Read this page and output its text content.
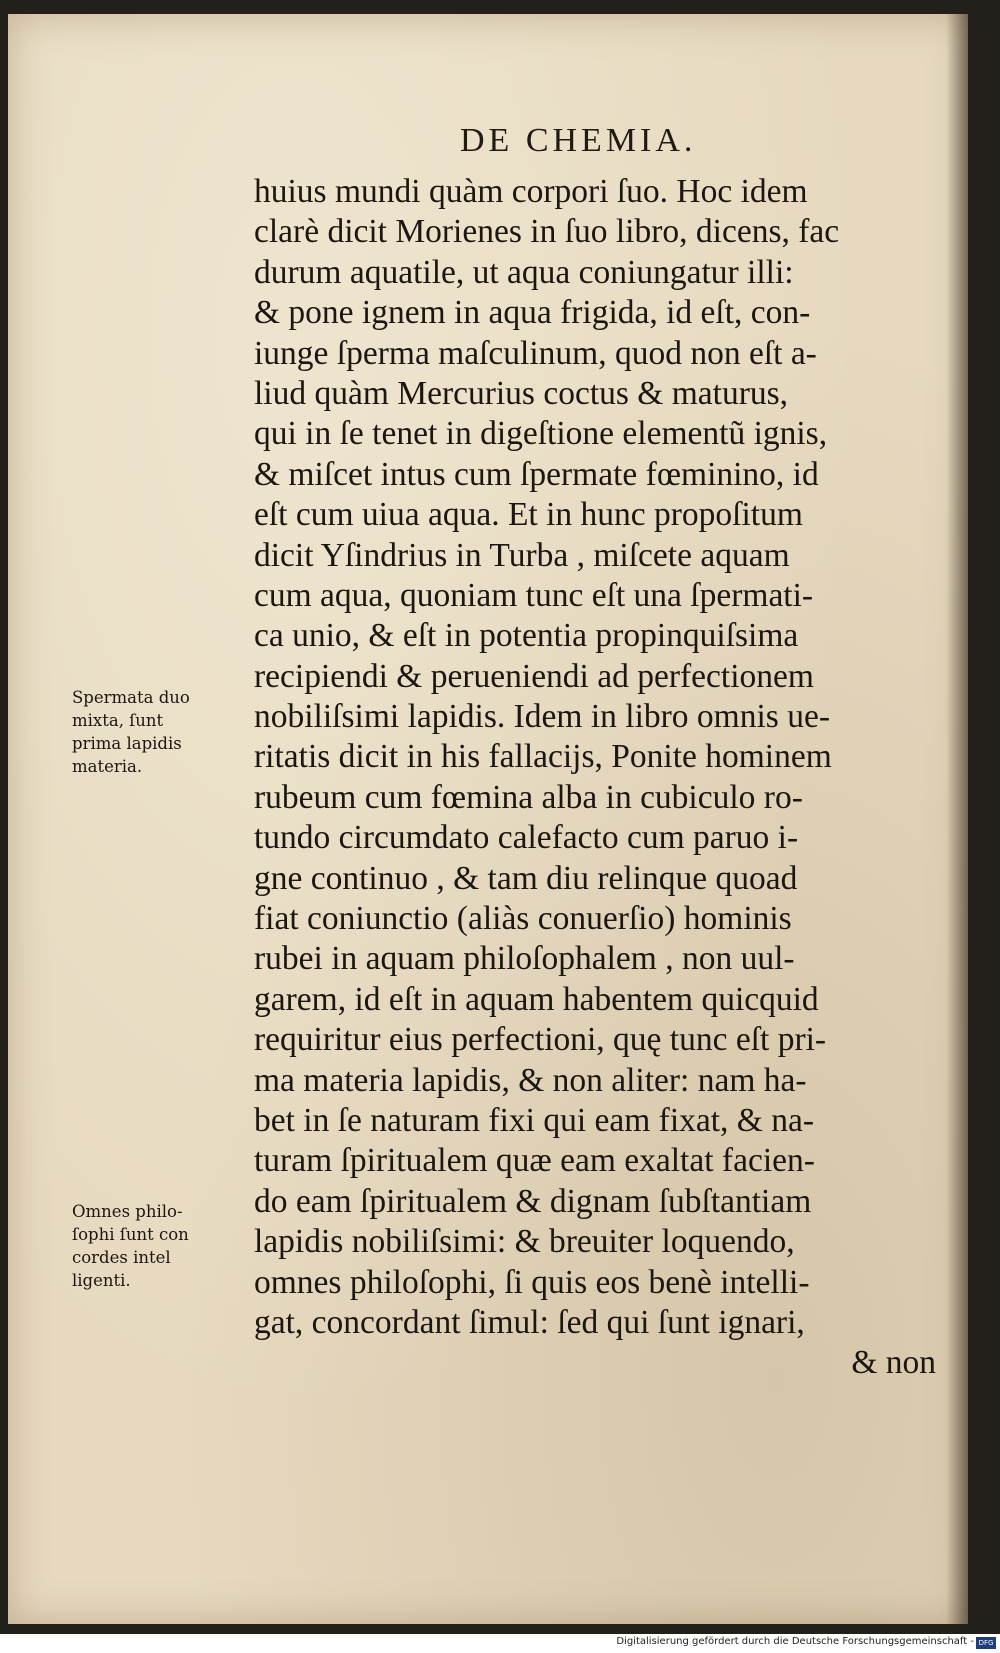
DE CHEMIA.
huius mundi quàm corpori ſuo. Hoc idem
clarè dicit Morienes in ſuo libro, dicens, fac
durum aquatile, ut aqua coniungatur illi:
& pone ignem in aqua frigida, id eſt, con‐
iunge ſperma maſculinum, quod non eſt a‐
liud quàm Mercurius coctus & maturus,
qui in ſe tenet in digeſtione elementũ ignis,
& miſcet intus cum ſpermate fœminino, id
eſt cum uiua aqua. Et in hunc propoſitum
dicit Yſindrius in Turba , miſcete aquam
cum aqua, quoniam tunc eſt una ſpermati‐
ca unio, & eſt in potentia propinquiſsima
recipiendi & perueniendi ad perfectionem
nobiliſsimi lapidis. Idem in libro omnis ue‐
ritatis dicit in his fallacijs, Ponite hominem
rubeum cum fœmina alba in cubiculo ro‐
tundo circumdato calefacto cum paruo i‐
gne continuo , & tam diu relinque quoad
fiat coniunctio (aliàs conuerſio) hominis
rubei in aquam philoſophalem , non uul‐
garem, id eſt in aquam habentem quicquid
requiritur eius perfectioni, quę tunc eſt pri‐
ma materia lapidis, & non aliter: nam ha‐
bet in ſe naturam fixi qui eam fixat, & na‐
turam ſpiritualem quæ eam exaltat facien‐
do eam ſpiritualem & dignam ſubſtantiam
lapidis nobiliſsimi: & breuiter loquendo,
omnes philoſophi, ſi quis eos benè intelli‐
gat, concordant ſimul: ſed qui ſunt ignari,
& non
Spermata duo
mixta, ſunt
prima lapidis
materia.
Omnes philo‐
ſophi ſunt con
cordes intel
ligenti.
Digitalisierung gefördert durch die Deutsche Forschungsgemeinschaft - DFG
